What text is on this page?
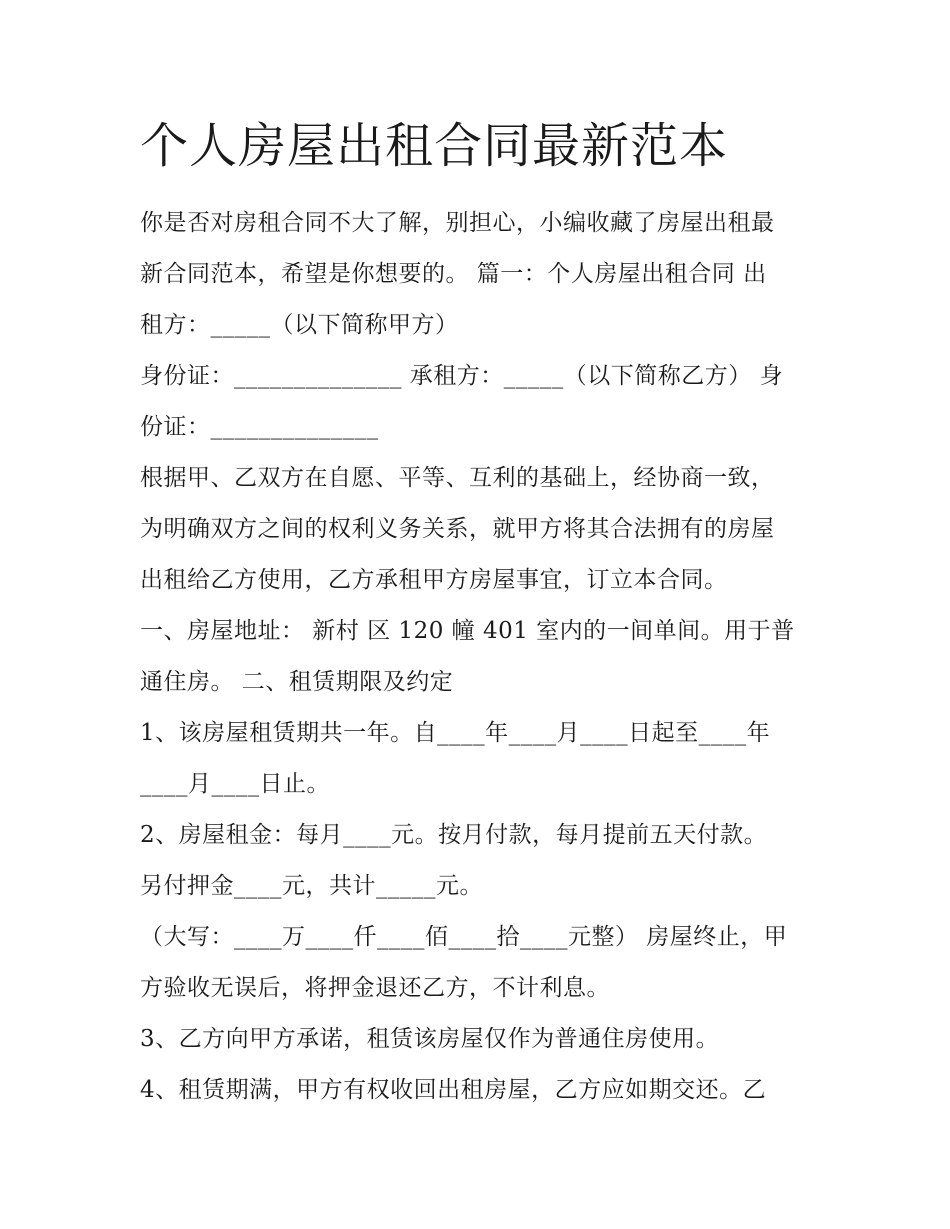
个人房屋出租合同最新范本

你是否对房租合同不大了解，别担心，小编收藏了房屋出租最

新合同范本，希望是你想要的。 篇一：个人房屋出租合同 出

租方：_____（以下简称甲方）

身份证：______________ 承租方：_____（以下简称乙方） 身

份证：______________

根据甲、乙双方在自愿、平等、互利的基础上，经协商一致，

为明确双方之间的权利义务关系，就甲方将其合法拥有的房屋

出租给乙方使用，乙方承租甲方房屋事宜，订立本合同。

一、房屋地址： 新村 区 120 幢 401 室内的一间单间。用于普

通住房。 二、租赁期限及约定

1、该房屋租赁期共一年。自____年____月____日起至____年

____月____日止。

2、房屋租金：每月____元。按月付款，每月提前五天付款。

另付押金____元，共计_____元。

（大写：____万____仟____佰____拾____元整） 房屋终止，甲

方验收无误后，将押金退还乙方，不计利息。

3、乙方向甲方承诺，租赁该房屋仅作为普通住房使用。

4、租赁期满，甲方有权收回出租房屋，乙方应如期交还。乙
